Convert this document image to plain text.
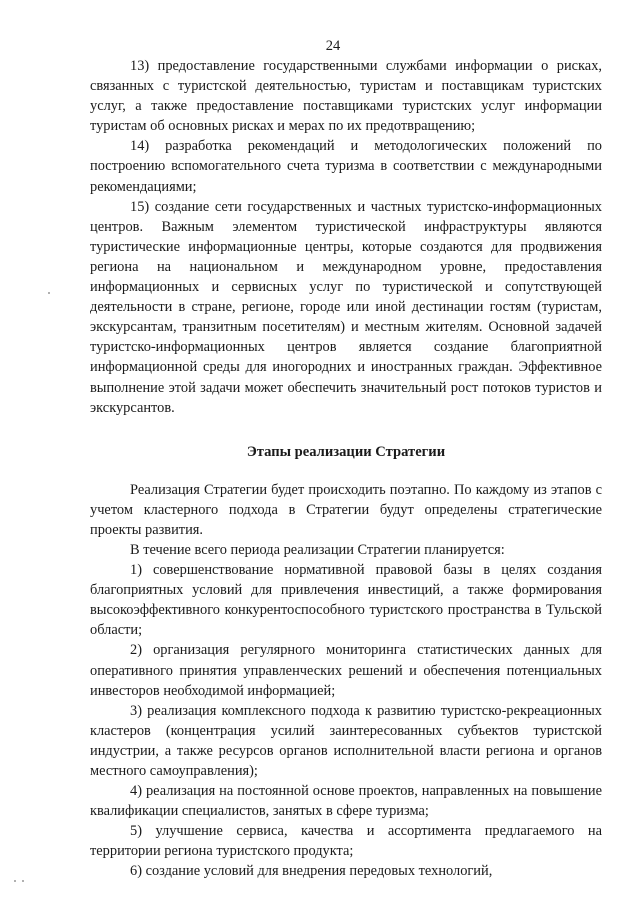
24

13) предоставление государственными службами информации о рисках, связанных с туристской деятельностью, туристам и поставщикам туристских услуг, а также предоставление поставщиками туристских услуг информации туристам об основных рисках и мерах по их предотвращению;

14) разработка рекомендаций и методологических положений по построению вспомогательного счета туризма в соответствии с международными рекомендациями;

15) создание сети государственных и частных туристско-информационных центров. Важным элементом туристической инфраструктуры являются туристические информационные центры, которые создаются для продвижения региона на национальном и международном уровне, предоставления информационных и сервисных услуг по туристической и сопутствующей деятельности в стране, регионе, городе или иной дестинации гостям (туристам, экскурсантам, транзитным посетителям) и местным жителям. Основной задачей туристско-информационных центров является создание благоприятной информационной среды для иногородних и иностранных граждан. Эффективное выполнение этой задачи может обеспечить значительный рост потоков туристов и экскурсантов.

Этапы реализации Стратегии

Реализация Стратегии будет происходить поэтапно. По каждому из этапов с учетом кластерного подхода в Стратегии будут определены стратегические проекты развития.

В течение всего периода реализации Стратегии планируется:

1) совершенствование нормативной правовой базы в целях создания благоприятных условий для привлечения инвестиций, а также формирования высокоэффективного конкурентоспособного туристского пространства в Тульской области;

2) организация регулярного мониторинга статистических данных для оперативного принятия управленческих решений и обеспечения потенциальных инвесторов необходимой информацией;

3) реализация комплексного подхода к развитию туристско-рекреационных кластеров (концентрация усилий заинтересованных субъектов туристской индустрии, а также ресурсов органов исполнительной власти региона и органов местного самоуправления);

4) реализация на постоянной основе проектов, направленных на повышение квалификации специалистов, занятых в сфере туризма;

5) улучшение сервиса, качества и ассортимента предлагаемого на территории региона туристского продукта;

6) создание условий для внедрения передовых технологий,
